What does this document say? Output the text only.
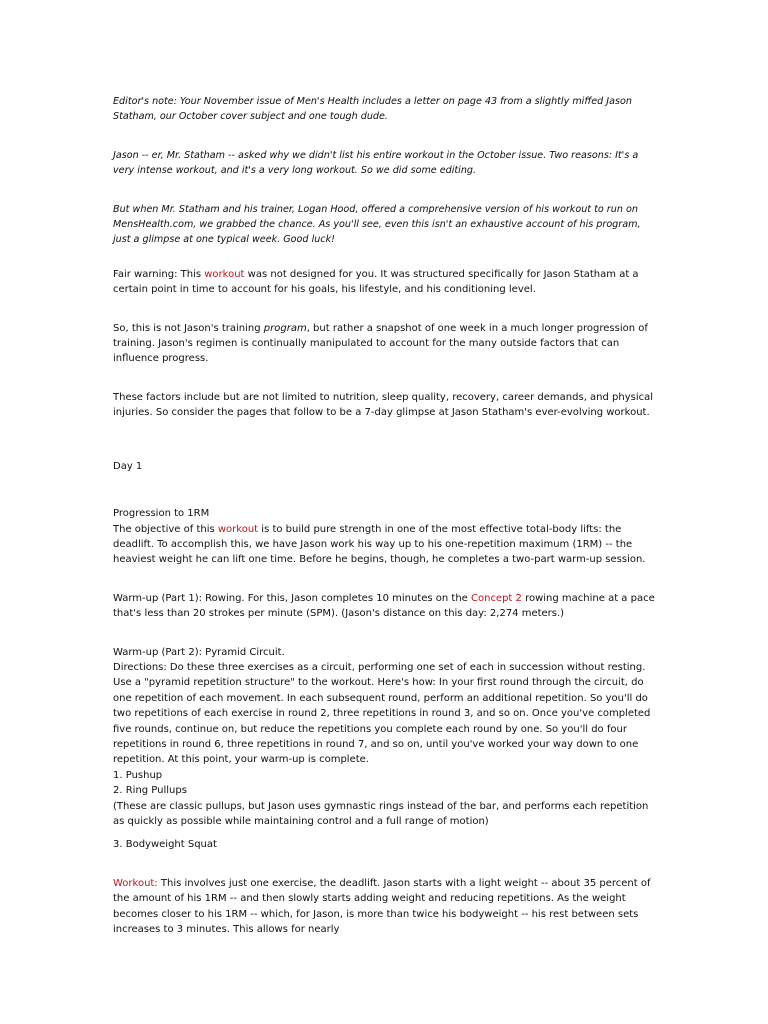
Editor's note: Your November issue of Men's Health includes a letter on page 43 from a slightly miffed Jason Statham, our October cover subject and one tough dude.

Jason -- er, Mr. Statham -- asked why we didn't list his entire workout in the October issue. Two reasons: It's a very intense workout, and it's a very long workout. So we did some editing.

But when Mr. Statham and his trainer, Logan Hood, offered a comprehensive version of his workout to run on MensHealth.com, we grabbed the chance. As you'll see, even this isn't an exhaustive account of his program, just a glimpse at one typical week. Good luck!

Fair warning: This workout was not designed for you. It was structured specifically for Jason Statham at a certain point in time to account for his goals, his lifestyle, and his conditioning level.

So, this is not Jason's training program, but rather a snapshot of one week in a much longer progression of training. Jason's regimen is continually manipulated to account for the many outside factors that can influence progress.

These factors include but are not limited to nutrition, sleep quality, recovery, career demands, and physical injuries. So consider the pages that follow to be a 7-day glimpse at Jason Statham's ever-evolving workout.

Day 1

Progression to 1RM
The objective of this workout is to build pure strength in one of the most effective total-body lifts: the deadlift. To accomplish this, we have Jason work his way up to his one-repetition maximum (1RM) -- the heaviest weight he can lift one time. Before he begins, though, he completes a two-part warm-up session.

Warm-up (Part 1): Rowing. For this, Jason completes 10 minutes on the Concept 2 rowing machine at a pace that's less than 20 strokes per minute (SPM). (Jason's distance on this day: 2,274 meters.)

Warm-up (Part 2): Pyramid Circuit.
Directions: Do these three exercises as a circuit, performing one set of each in succession without resting. Use a "pyramid repetition structure" to the workout. Here's how: In your first round through the circuit, do one repetition of each movement. In each subsequent round, perform an additional repetition. So you'll do two repetitions of each exercise in round 2, three repetitions in round 3, and so on. Once you've completed five rounds, continue on, but reduce the repetitions you complete each round by one. So you'll do four repetitions in round 6, three repetitions in round 7, and so on, until you've worked your way down to one repetition. At this point, your warm-up is complete.
1. Pushup
2. Ring Pullups
(These are classic pullups, but Jason uses gymnastic rings instead of the bar, and performs each repetition as quickly as possible while maintaining control and a full range of motion)

3. Bodyweight Squat

Workout: This involves just one exercise, the deadlift. Jason starts with a light weight -- about 35 percent of the amount of his 1RM -- and then slowly starts adding weight and reducing repetitions. As the weight becomes closer to his 1RM -- which, for Jason, is more than twice his bodyweight -- his rest between sets increases to 3 minutes. This allows for nearly
